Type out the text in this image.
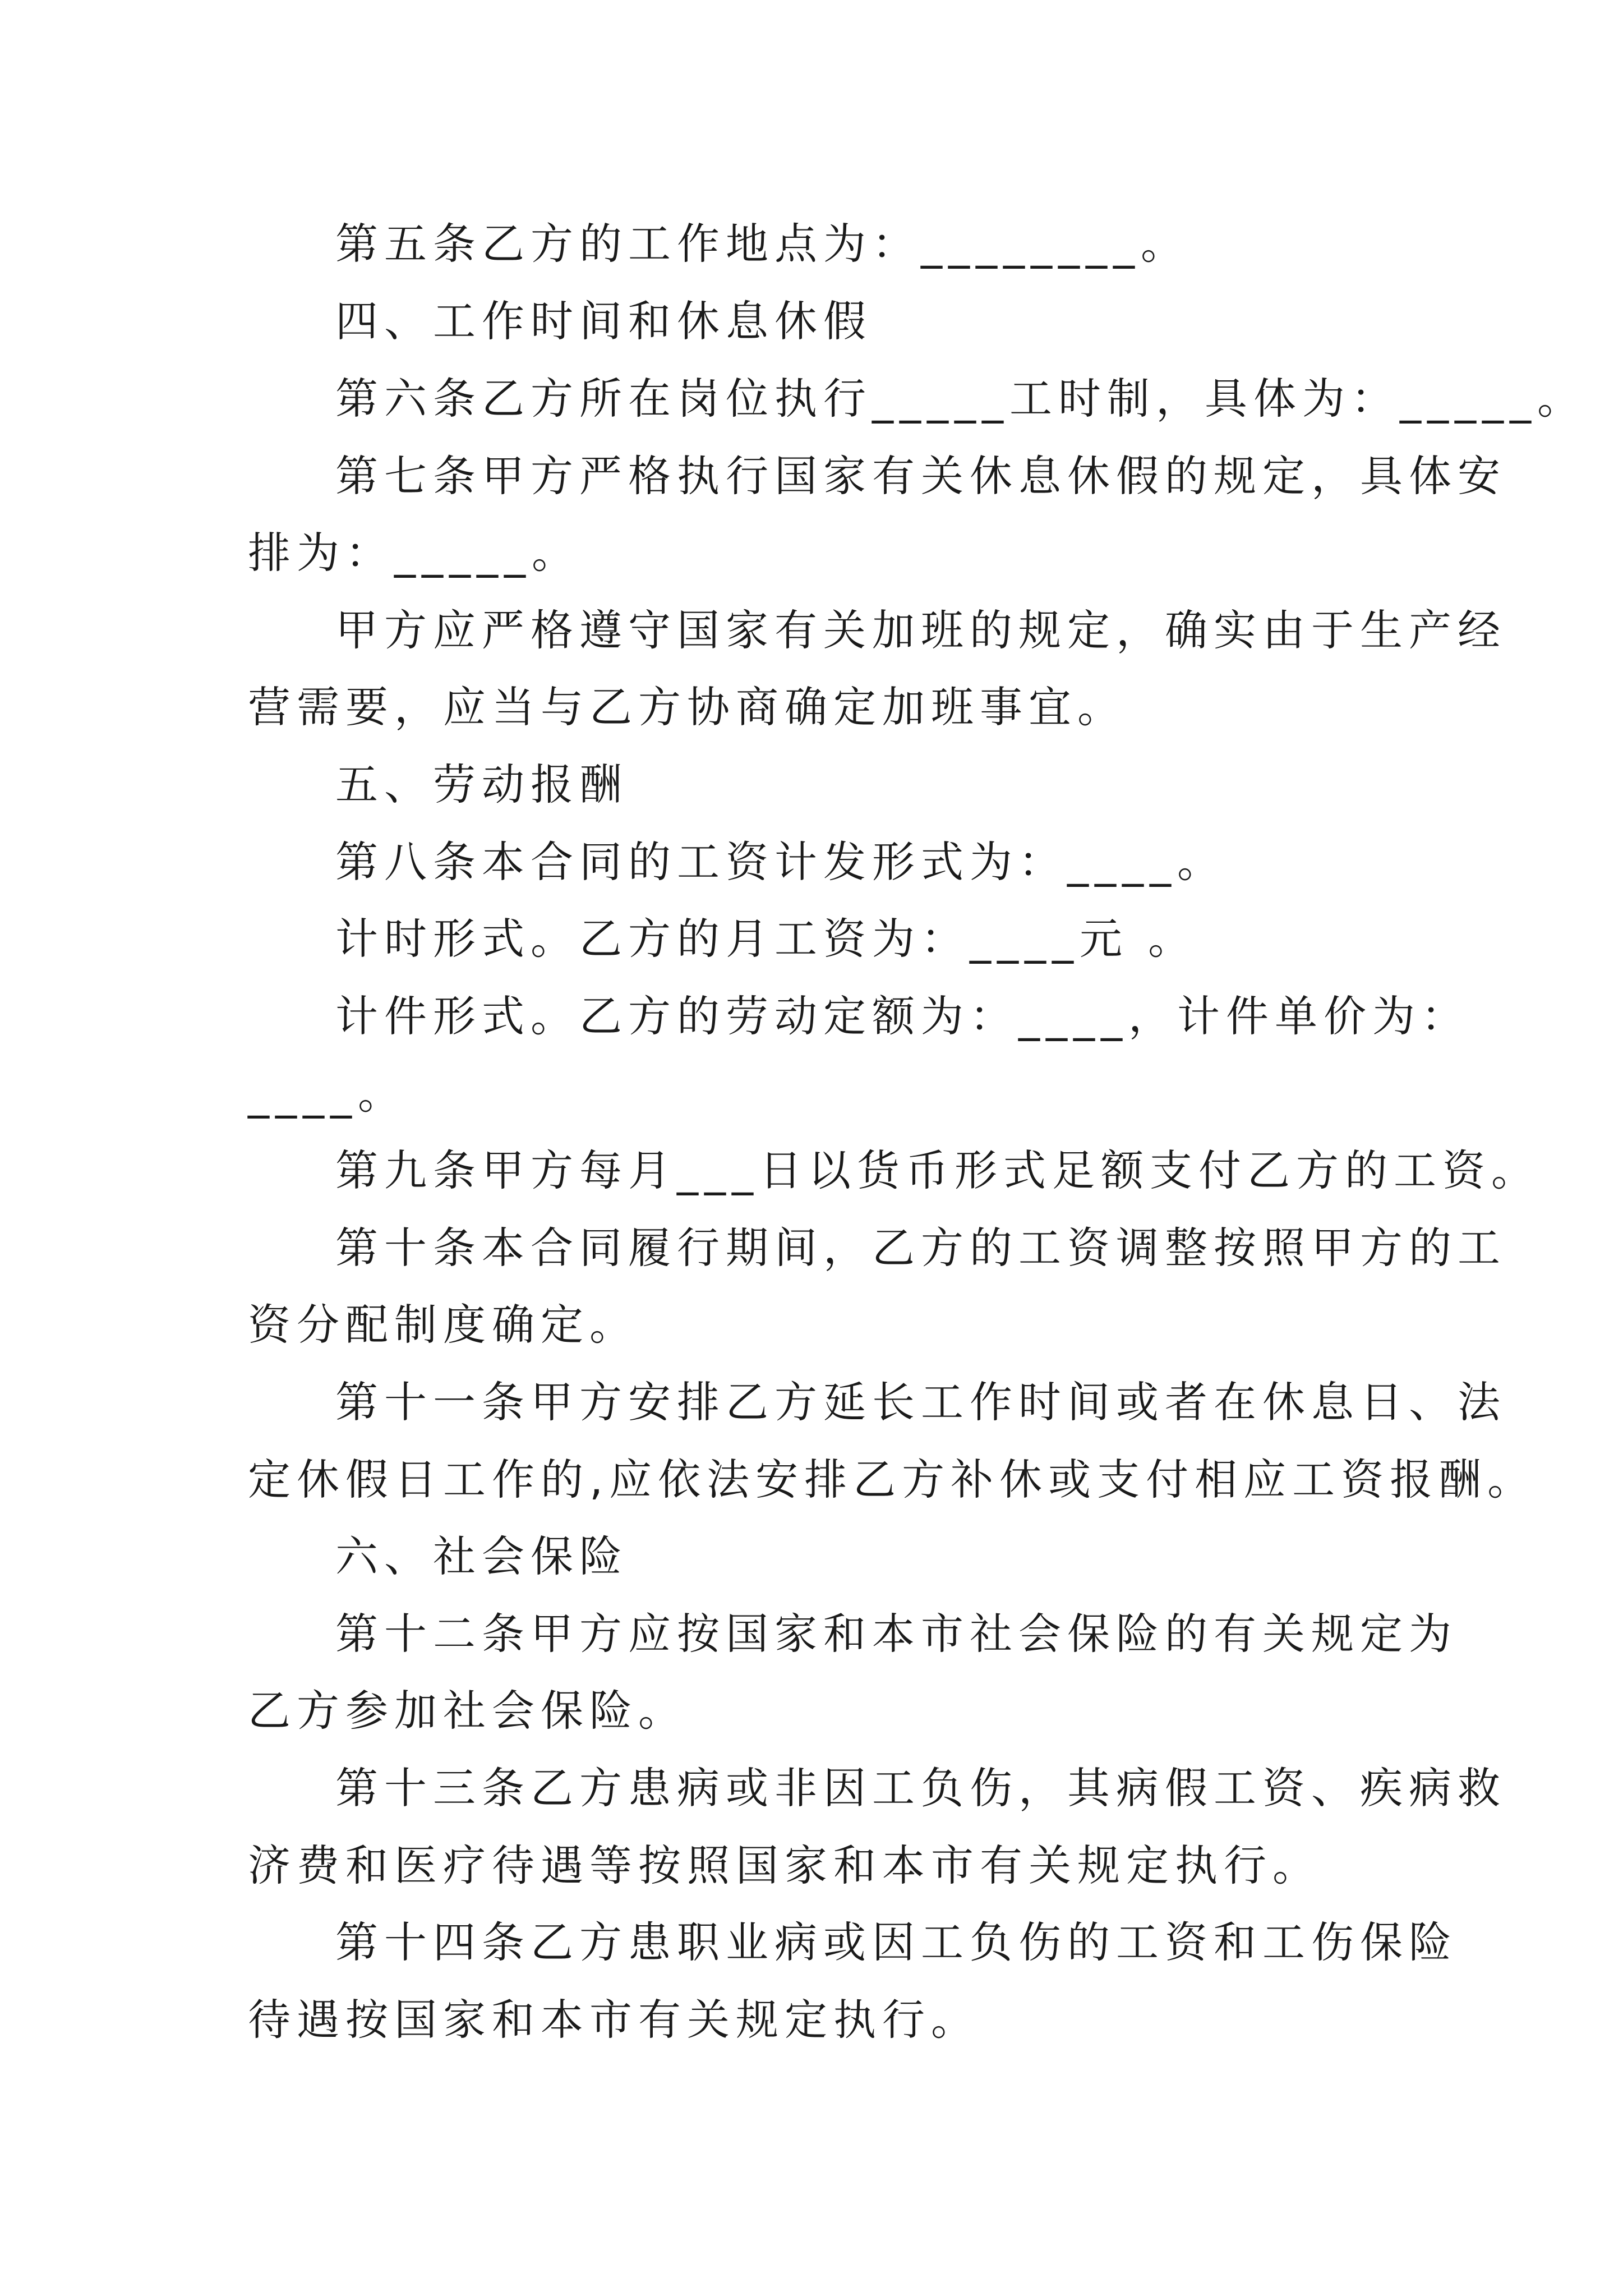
第五条乙方的工作地点为：________。
四、工作时间和休息休假
第六条乙方所在岗位执行_____工时制，具体为：_____。
第七条甲方严格执行国家有关休息休假的规定，具体安
排为：_____。
甲方应严格遵守国家有关加班的规定，确实由于生产经
营需要，应当与乙方协商确定加班事宜。
五、劳动报酬
第八条本合同的工资计发形式为：____。
计时形式。乙方的月工资为：____元 。
计件形式。乙方的劳动定额为：____，计件单价为：
____。
第九条甲方每月___日以货币形式足额支付乙方的工资。
第十条本合同履行期间，乙方的工资调整按照甲方的工
资分配制度确定。
第十一条甲方安排乙方延长工作时间或者在休息日、法
定休假日工作的,应依法安排乙方补休或支付相应工资报酬。
六、社会保险
第十二条甲方应按国家和本市社会保险的有关规定为
乙方参加社会保险。
第十三条乙方患病或非因工负伤，其病假工资、疾病救
济费和医疗待遇等按照国家和本市有关规定执行。
第十四条乙方患职业病或因工负伤的工资和工伤保险
待遇按国家和本市有关规定执行。
